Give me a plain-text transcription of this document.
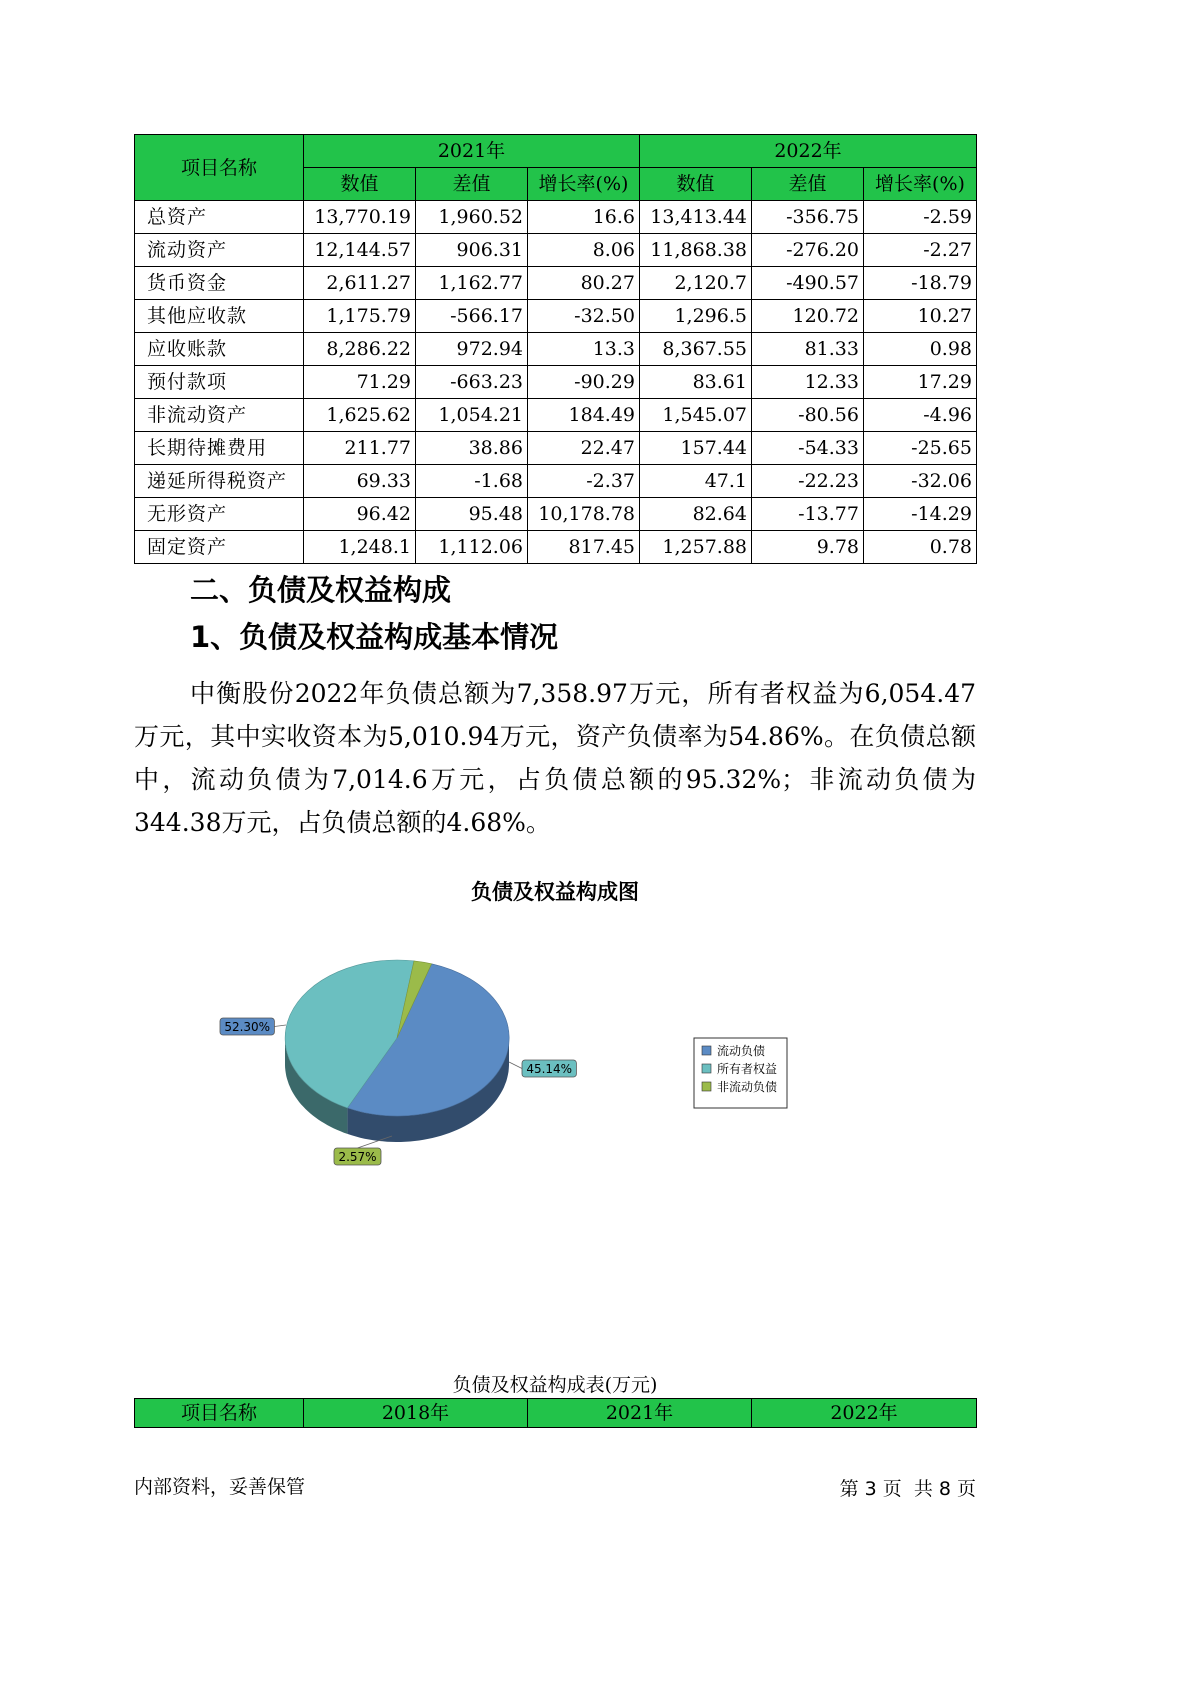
项目名称	2021年			2022年		
	数值	差值	增长率(%)	数值	差值	增长率(%)
总资产	13,770.19	1,960.52	16.6	13,413.44	-356.75	-2.59
流动资产	12,144.57	906.31	8.06	11,868.38	-276.20	-2.27
货币资金	2,611.27	1,162.77	80.27	2,120.7	-490.57	-18.79
其他应收款	1,175.79	-566.17	-32.50	1,296.5	120.72	10.27
应收账款	8,286.22	972.94	13.3	8,367.55	81.33	0.98
预付款项	71.29	-663.23	-90.29	83.61	12.33	17.29
非流动资产	1,625.62	1,054.21	184.49	1,545.07	-80.56	-4.96
长期待摊费用	211.77	38.86	22.47	157.44	-54.33	-25.65
递延所得税资产	69.33	-1.68	-2.37	47.1	-22.23	-32.06
无形资产	96.42	95.48	10,178.78	82.64	-13.77	-14.29
固定资产	1,248.1	1,112.06	817.45	1,257.88	9.78	0.78
二、负债及权益构成
1、负债及权益构成基本情况
中衡股份2022年负债总额为7,358.97万元，所有者权益为6,054.47万元，其中实收资本为5,010.94万元，资产负债率为54.86%。在负债总额中，流动负债为7,014.6万元，占负债总额的95.32%；非流动负债为344.38万元，占负债总额的4.68%。
负债及权益构成图
52.30%
45.14%
2.57%
流动负债
所有者权益
非流动负债
负债及权益构成表(万元)
项目名称	2018年	2021年	2022年
内部资料，妥善保管	第 3 页  共 8 页
